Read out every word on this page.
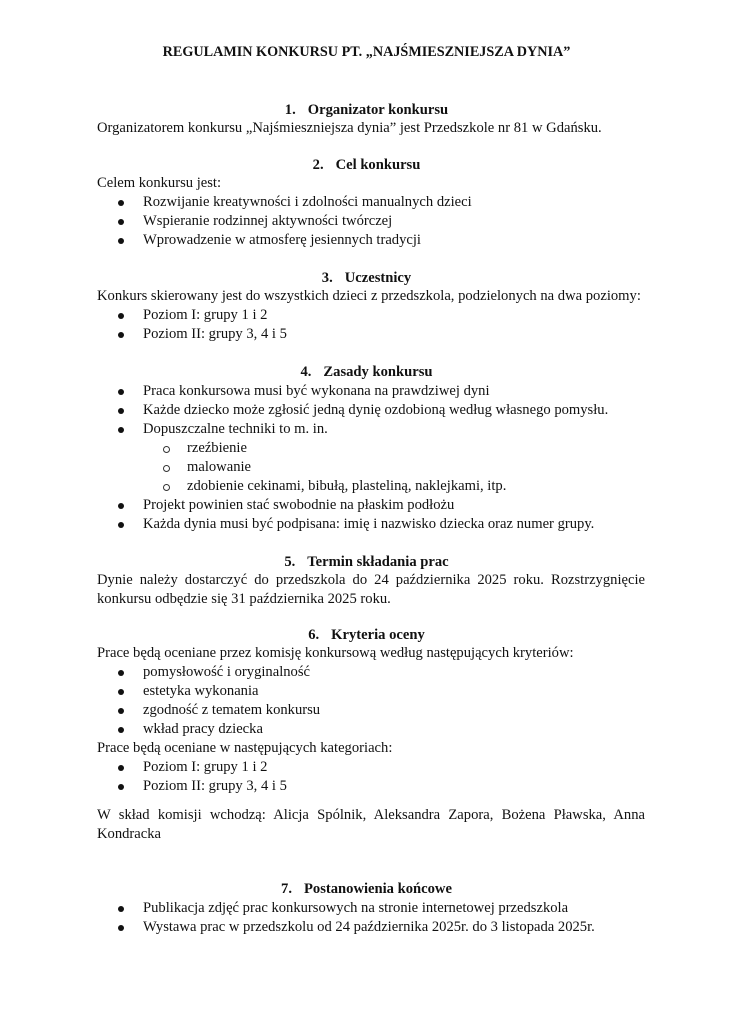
REGULAMIN KONKURSU PT. „NAJŚMIESZNIEJSZA DYNIA”
1. Organizator konkursu
Organizatorem konkursu „Najśmieszniejsza dynia” jest Przedszkole nr 81 w Gdańsku.
2. Cel konkursu
Celem konkursu jest:
Rozwijanie kreatywności i zdolności manualnych dzieci
Wspieranie rodzinnej aktywności twórczej
Wprowadzenie w atmosferę jesiennych tradycji
3. Uczestnicy
Konkurs skierowany jest do wszystkich dzieci z przedszkola, podzielonych na dwa poziomy:
Poziom I: grupy 1 i 2
Poziom II: grupy 3, 4 i 5
4. Zasady konkursu
Praca konkursowa musi być wykonana na prawdziwej dyni
Każde dziecko może zgłosić jedną dynię ozdobioną według własnego pomysłu.
Dopuszczalne techniki to m. in.
rzeźbienie
malowanie
zdobienie cekinami, bibułą, plasteliną, naklejkami, itp.
Projekt powinien stać swobodnie na płaskim podłożu
Każda dynia musi być podpisana: imię i nazwisko dziecka oraz numer grupy.
5. Termin składania prac
Dynie należy dostarczyć do przedszkola do 24 października 2025 roku. Rozstrzygnięcie konkursu odbędzie się 31 października 2025 roku.
6. Kryteria oceny
Prace będą oceniane przez komisję konkursową według następujących kryteriów:
pomysłowość i oryginalność
estetyka wykonania
zgodność z tematem konkursu
wkład pracy dziecka
Prace będą oceniane w następujących kategoriach:
Poziom I: grupy 1 i 2
Poziom II: grupy 3, 4 i 5
W skład komisji wchodzą: Alicja Spólnik, Aleksandra Zapora, Bożena Pławska, Anna Kondracka
7. Postanowienia końcowe
Publikacja zdjęć prac konkursowych na stronie internetowej przedszkola
Wystawa prac w przedszkolu od 24 października 2025r. do 3 listopada 2025r.
